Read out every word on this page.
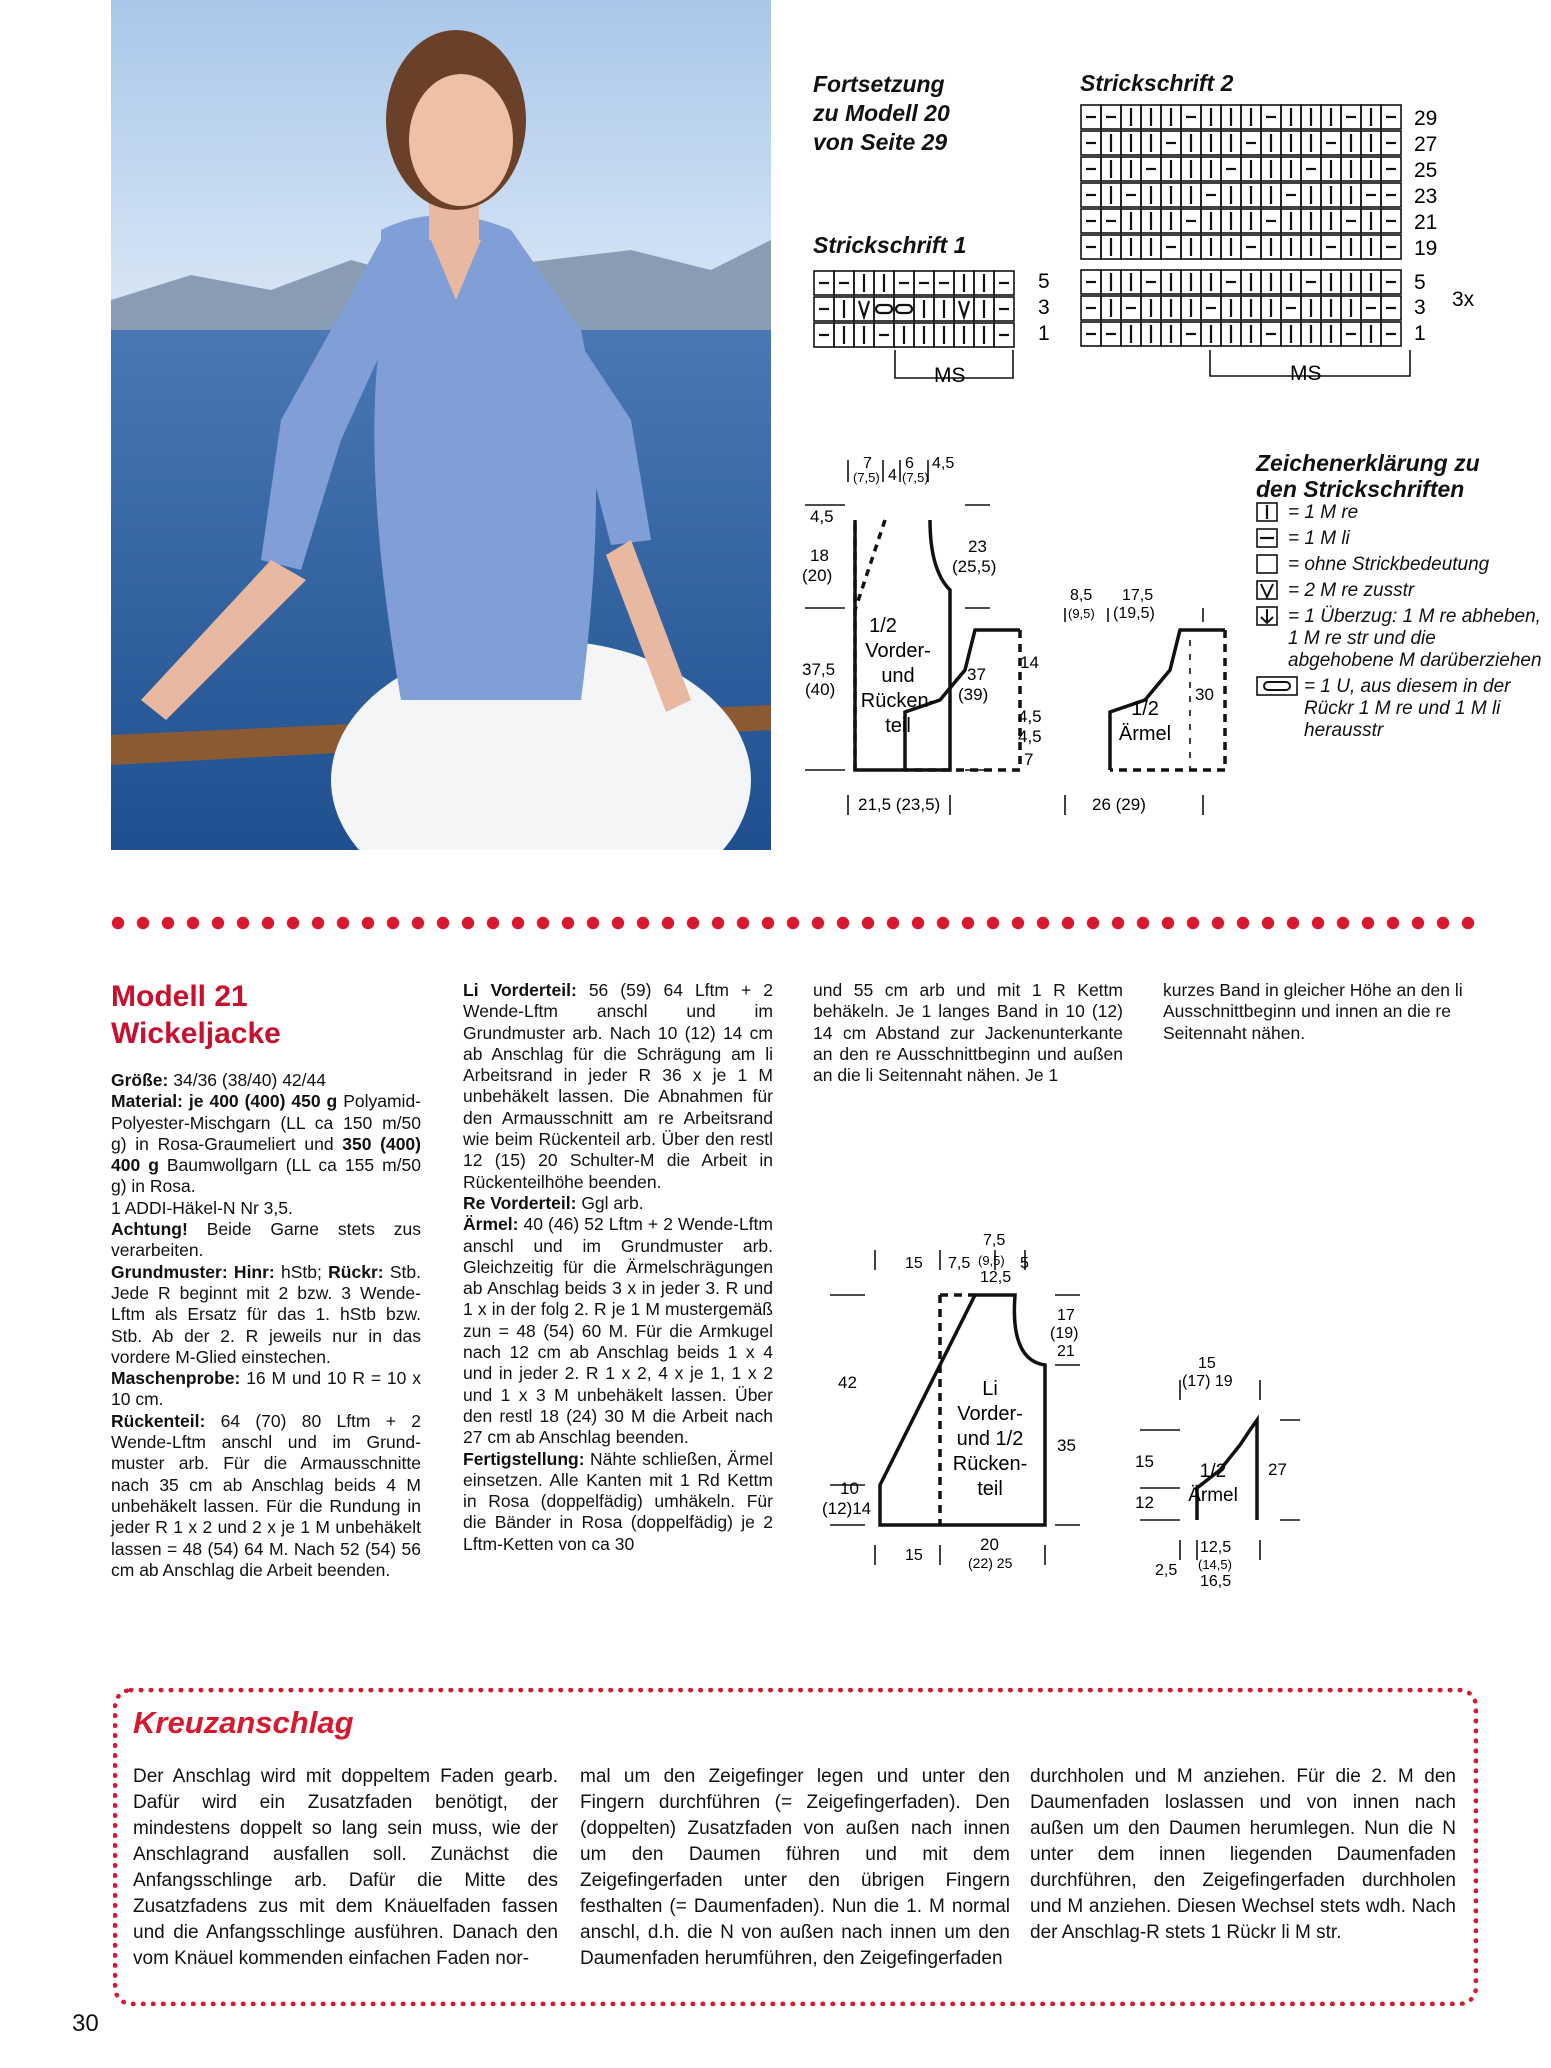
Fortsetzung
zu Modell 20
von Seite 29
Strickschrift 1
Strickschrift 2
5
3
1
MS
29
27
25
23
21
19
5
3
1
3x
MS
7
(7,5) 4
6
(7,5)
4,5
4,5
18
(20)
37,5
(40)
23
(25,5)
37
(39)
21,5 (23,5)
1/2
Vorder-
und
Rücken-
teil
8,5
(9,5)
17,5
(19,5)
14
4,5
4,5
7
30
26 (29)
1/2
Ärmel
Zeichenerklärung zu
den Strickschriften
= 1 M re
= 1 M li
= ohne Strickbedeutung
= 2 M re zusstr
= 1 Überzug: 1 M re abheben, 1 M re str und die abgehobene M darüberziehen
= 1 U, aus diesem in der Rückr 1 M re und 1 M li herausstr
Modell 21
Wickeljacke
Größe: 34/36 (38/40) 42/44
Material: je 400 (400) 450 g Polyamid-Polyester-Mischgarn (LL ca 150 m/50 g) in Rosa-Graumeliert und 350 (400) 400 g Baumwollgarn (LL ca 155 m/50 g) in Rosa.
1 ADDI-Häkel-N Nr 3,5.
Achtung! Beide Garne stets zus verarbeiten.
Grundmuster: Hinr: hStb; Rückr: Stb. Jede R beginnt mit 2 bzw. 3 Wende-Lftm als Ersatz für das 1. hStb bzw. Stb. Ab der 2. R jeweils nur in das vordere M-Glied einstechen.
Maschenprobe: 16 M und 10 R = 10 x 10 cm.
Rückenteil: 64 (70) 80 Lftm + 2 Wende-Lftm anschl und im Grund-muster arb. Für die Armausschnitte nach 35 cm ab Anschlag beids 4 M unbehäkelt lassen. Für die Rundung in jeder R 1 x 2 und 2 x je 1 M unbehäkelt lassen = 48 (54) 64 M. Nach 52 (54) 56 cm ab Anschlag die Arbeit beenden.
Li Vorderteil: 56 (59) 64 Lftm + 2 Wende-Lftm anschl und im Grundmuster arb. Nach 10 (12) 14 cm ab Anschlag für die Schrägung am li Arbeitsrand in jeder R 36 x je 1 M unbehäkelt lassen. Die Abnahmen für den Armausschnitt am re Arbeitsrand wie beim Rückenteil arb. Über den restl 12 (15) 20 Schulter-M die Arbeit in Rückenteilhöhe beenden.
Re Vorderteil: Ggl arb.
Ärmel: 40 (46) 52 Lftm + 2 Wende-Lftm anschl und im Grundmuster arb. Gleichzeitig für die Ärmelschrägungen ab Anschlag beids 3 x in jeder 3. R und 1 x in der folg 2. R je 1 M mustergemäß zun = 48 (54) 60 M. Für die Armkugel nach 12 cm ab Anschlag beids 1 x 4 und in jeder 2. R 1 x 2, 4 x je 1, 1 x 2 und 1 x 3 M unbehäkelt lassen. Über den restl 18 (24) 30 M die Arbeit nach 27 cm ab Anschlag beenden.
Fertigstellung: Nähte schließen, Ärmel einsetzen. Alle Kanten mit 1 Rd Kettm in Rosa (doppelfädig) umhäkeln. Für die Bänder in Rosa (doppelfädig) je 2 Lftm-Ketten von ca 30
und 55 cm arb und mit 1 R Kettm behäkeln. Je 1 langes Band in 10 (12) 14 cm Abstand zur Jackenunterkante an den re Ausschnittbeginn und außen an die li Seitennaht nähen. Je 1
kurzes Band in gleicher Höhe an den li Ausschnittbeginn und innen an die re Seitennaht nähen.
15
7,5
7,5 (9,5)
12,5
5
42
10
(12)14
17
(19)
21
35
15
20
(22) 25
Li
Vorder-
und 1/2
Rücken-
teil
15
(17) 19
15
12
27
2,5
12,5
(14,5)
16,5
1/2
Ärmel
Kreuzanschlag
Der Anschlag wird mit doppeltem Faden gearb. Dafür wird ein Zusatzfaden benötigt, der mindestens doppelt so lang sein muss, wie der Anschlagrand ausfallen soll. Zunächst die Anfangsschlinge arb. Dafür die Mitte des Zusatzfadens zus mit dem Knäuelfaden fassen und die Anfangsschlinge ausführen. Danach den vom Knäuel kommenden einfachen Faden nor-
mal um den Zeigefinger legen und unter den Fingern durchführen (= Zeigefingerfaden). Den (doppelten) Zusatzfaden von außen nach innen um den Daumen führen und mit dem Zeigefingerfaden unter den übrigen Fingern festhalten (= Daumenfaden). Nun die 1. M normal anschl, d.h. die N von außen nach innen um den Daumenfaden herumführen, den Zeigefingerfaden
durchholen und M anziehen. Für die 2. M den Daumenfaden loslassen und von innen nach außen um den Daumen herumlegen. Nun die N unter dem innen liegenden Daumenfaden durchführen, den Zeigefingerfaden durchholen und M anziehen. Diesen Wechsel stets wdh. Nach der Anschlag-R stets 1 Rückr li M str.
30
